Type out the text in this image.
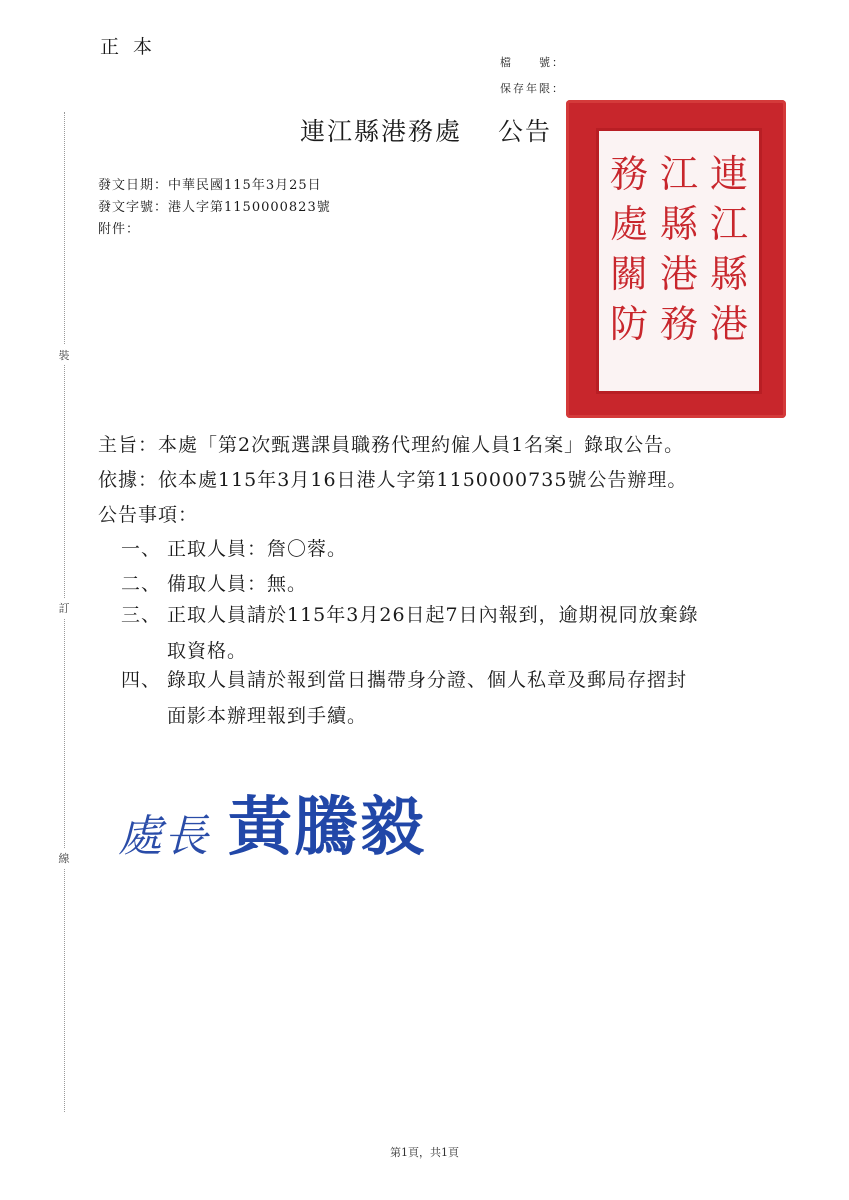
正本
檔　　號：
保存年限：
連江縣港務處 公告
發文日期：中華民國115年3月25日
發文字號：港人字第1150000823號
附件：
裝
訂
線
連
江
縣
港
江
縣
港
務
務
處
關
防
主旨：本處「第2次甄選課員職務代理約僱人員1名案」錄取公告。
依據：依本處115年3月16日港人字第1150000735號公告辦理。
公告事項：
一、 正取人員：詹〇蓉。
二、 備取人員：無。
三、 正取人員請於115年3月26日起7日內報到，逾期視同放棄錄
取資格。
四、 錄取人員請於報到當日攜帶身分證、個人私章及郵局存摺封
面影本辦理報到手續。
處長 黃騰毅
第1頁，共1頁
